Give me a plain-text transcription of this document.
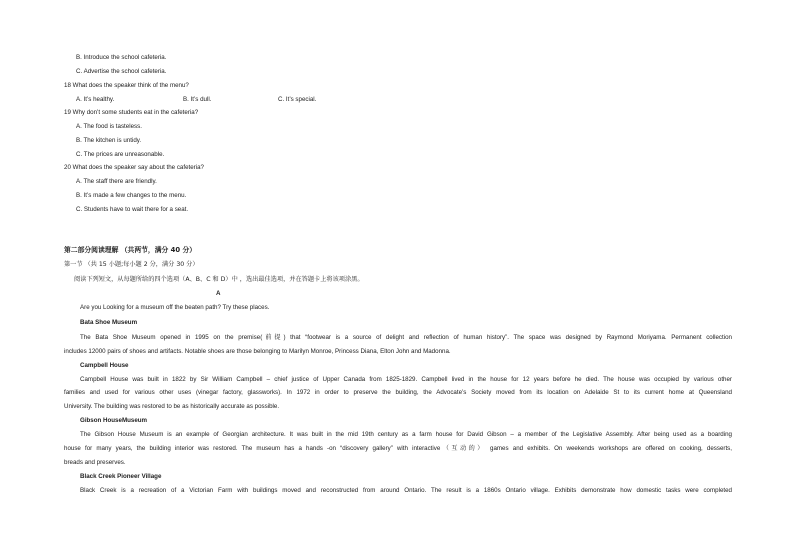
B. Introduce the school cafeteria.
C. Advertise the school cafeteria.
18 What does the speaker think of the menu?
A. It’s healthy.	B. It’s dull.	C. It’s special.
19 Why don’t some students eat in the cafeteria?
A. The food is tasteless.
B. The kitchen is untidy.
C. The prices are unreasonable.
20 What does the speaker say about the cafeteria?
A. The staff there are friendly.
B. It’s made a few changes to the menu.
C. Students have to wait there for a seat.
第二部分阅读理解 （共两节，满分 40 分）
第一节 （共 15 小题;每小题 2 分，满分 30 分）
阅读下列短文，从每题所给的四个选项（A、B、C 和 D）中 ，选出最佳选项，并在答题卡上将该项涂黑。
A
Are you Looking for a museum off the beaten path? Try these places.
Bata Shoe Museum
The Bata Shoe Museum opened in 1995 on the premise(前提) that “footwear is a source of delight and reflection of human history”. The space was designed by Raymond Moriyama. Permanent collection
includes 12000 pairs of shoes and artifacts. Notable shoes are those belonging to Marilyn Monroe, Princess Diana, Elton John and Madonna.
Campbell House
Campbell House was built in 1822 by Sir William Campbell – chief justice of Upper Canada from 1825-1829. Campbell lived in the house for 12 years before he died. The house was occupied by various other
families and used for various other uses (vinegar factory, glassworks). In 1972 in order to preserve the building, the Advocate’s Society moved from its location on Adelaide St to its current home at Queensland
University. The building was restored to be as historically accurate as possible.
Gibson HouseMuseum
The Gibson House Museum is an example of Georgian architecture. It was built in the mid 19th century as a farm house for David Gibson – a member of the Legislative Assembly. After being used as a boarding
house for many years, the building interior was restored. The museum has a hands -on “discovery gallery” with interactive（互动的） games and exhibits. On weekends workshops are offered on cooking, desserts,
breads and preserves.
Black Creek Pioneer Village
Black Creek is a recreation of a Victorian Farm with buildings moved and reconstructed from around Ontario. The result is a 1860s Ontario village. Exhibits demonstrate how domestic tasks were completed
